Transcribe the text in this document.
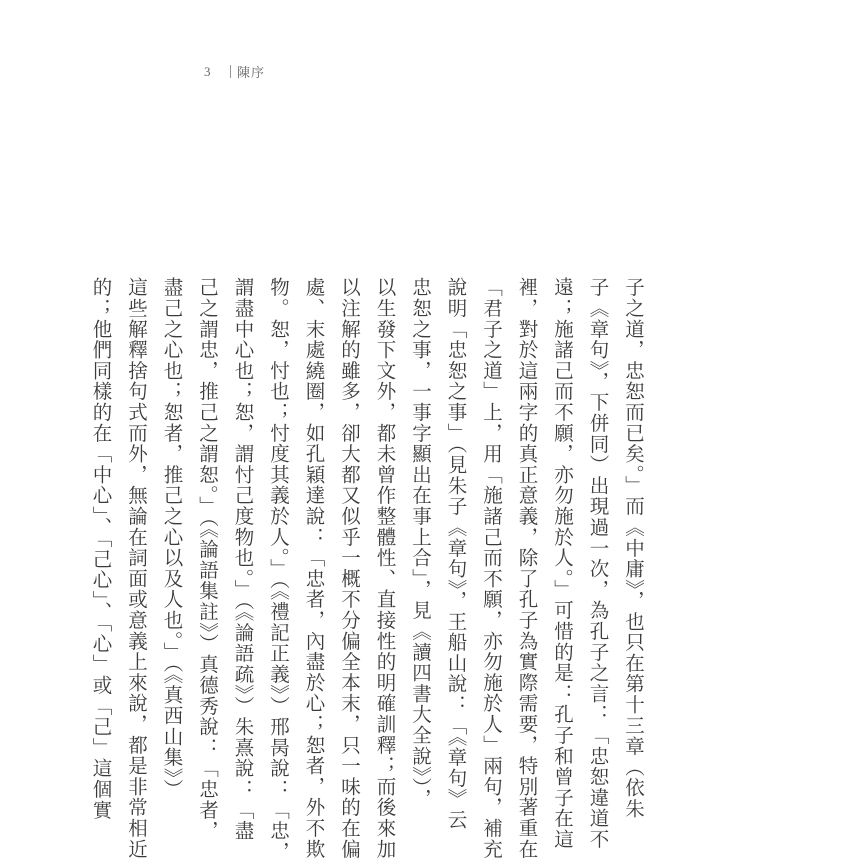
3	陳序
子之道，忠恕而已矣。」而《中庸》，也只在第十三章（依朱
子《章句》，下併同）出現過一次，為孔子之言：「忠恕違道不
遠；施諸己而不願，亦勿施於人。」可惜的是：孔子和曾子在這
裡，對於這兩字的真正意義，除了孔子為實際需要，特別著重在
「君子之道」上，用「施諸己而不願，亦勿施於人」兩句，補充
說明「忠恕之事」（見朱子《章句》，王船山說：「《章句》云
忠恕之事，一事字顯出在事上合」，見《讀四書大全說》），
以生發下文外，都未曾作整體性、直接性的明確訓釋；而後來加
以注解的雖多，卻大都又似乎一概不分偏全本末，只一味的在偏
處、末處繞圈，如孔穎達說：「忠者，內盡於心；恕者，外不欺
物。恕，忖也；忖度其義於人。」（《禮記正義》）邢昺說：「忠，
謂盡中心也；恕，謂忖己度物也。」（《論語疏》）朱熹說：「盡
己之謂忠，推己之謂恕。」（《論語集註》）真德秀說：「忠者，
盡己之心也；恕者，推己之心以及人也。」（《真西山集》）
這些解釋捨句式而外，無論在詞面或意義上來說，都是非常相近
的；他們同樣的在「中心」、「己心」、「心」或「己」這個實
